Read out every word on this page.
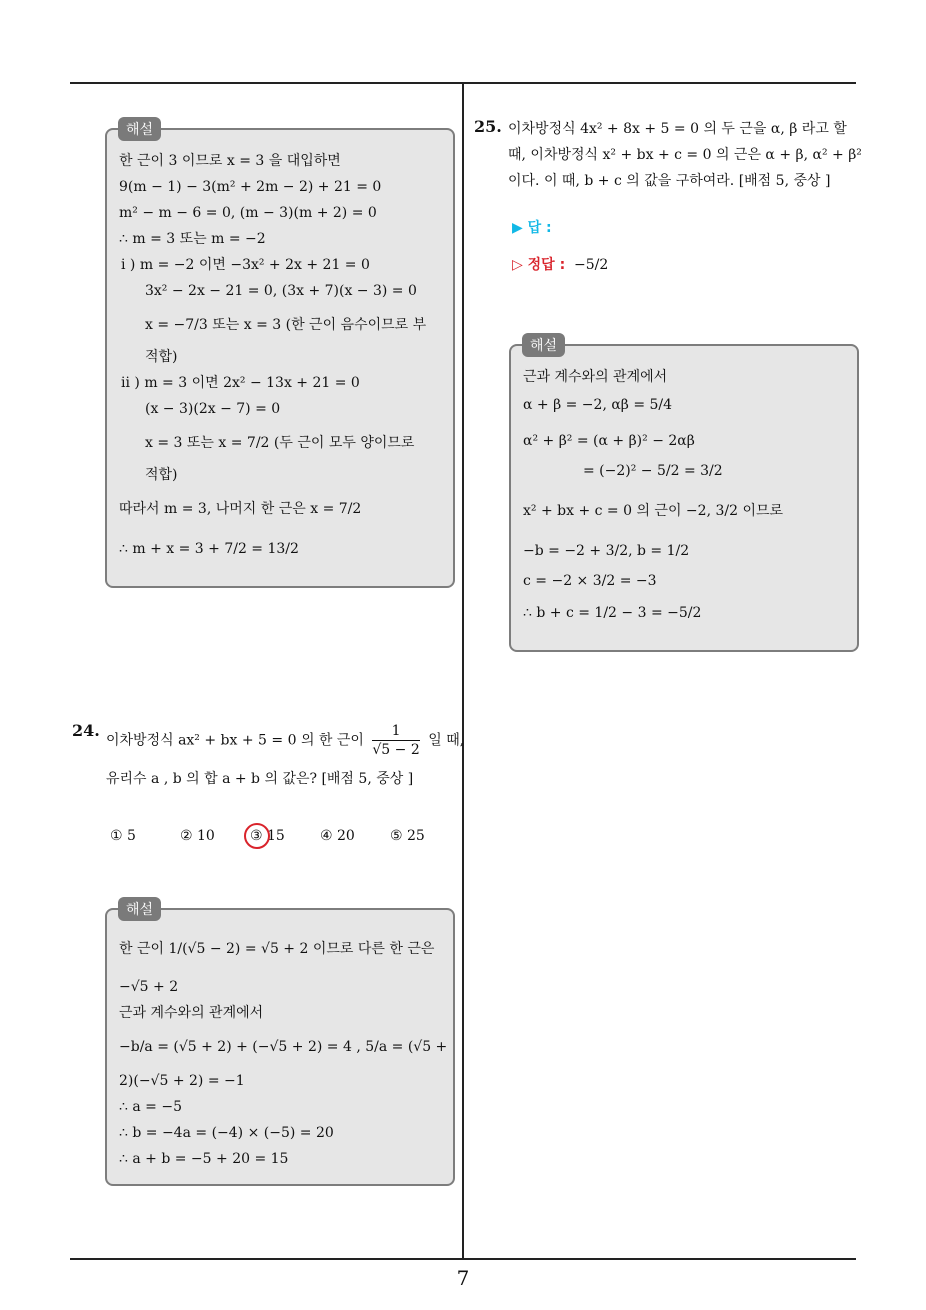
한 근이 3 이므로 x = 3 을 대입하면
9(m − 1) − 3(m² + 2m − 2) + 21 = 0
m² − m − 6 = 0, (m − 3)(m + 2) = 0
∴ m = 3 또는 m = −2
i ) m = −2 이면 −3x² + 2x + 21 = 0
3x² − 2x − 21 = 0, (3x + 7)(x − 3) = 0
x = −7/3 또는 x = 3 (한 근이 음수이므로 부
적합)
ii ) m = 3 이면 2x² − 13x + 21 = 0
(x − 3)(2x − 7) = 0
x = 3 또는 x = 7/2 (두 근이 모두 양이므로
적합)
따라서 m = 3, 나머지 한 근은 x = 7/2
∴ m + x = 3 + 7/2 = 13/2
해설
24.
이차방정식 ax² + bx + 5 = 0 의 한 근이 $\frac{1}{√5 - 2}$ 일 때,
유리수 a , b 의 합 a + b 의 값은? [배점 5, 중상 ]
① 5	② 10	③ 15	④ 20	⑤ 25
한 근이 1/(√5 − 2) = √5 + 2 이므로 다른 한 근은
−√5 + 2
근과 계수와의 관계에서
−b/a = (√5 + 2) + (−√5 + 2) = 4 , 5/a = (√5 +
2)(−√5 + 2) = −1
∴ a = −5
∴ b = −4a = (−4) × (−5) = 20
∴ a + b = −5 + 20 = 15
해설
25. 이차방정식 4x² + 8x + 5 = 0 의 두 근을 α, β 라고 할
때, 이차방정식 x² + bx + c = 0 의 근은 α + β, α² + β²
이다. 이 때, b + c 의 값을 구하여라. [배점 5, 중상 ]
▶ 답 :
▷ 정답 : −5/2
근과 계수와의 관계에서
α + β = −2, αβ = 5/4
α² + β² = (α + β)² − 2αβ
= (−2)² − 5/2 = 3/2
x² + bx + c = 0 의 근이 −2, 3/2 이므로
−b = −2 + 3/2, b = 1/2
c = −2 × 3/2 = −3
∴ b + c = 1/2 − 3 = −5/2
해설
7
